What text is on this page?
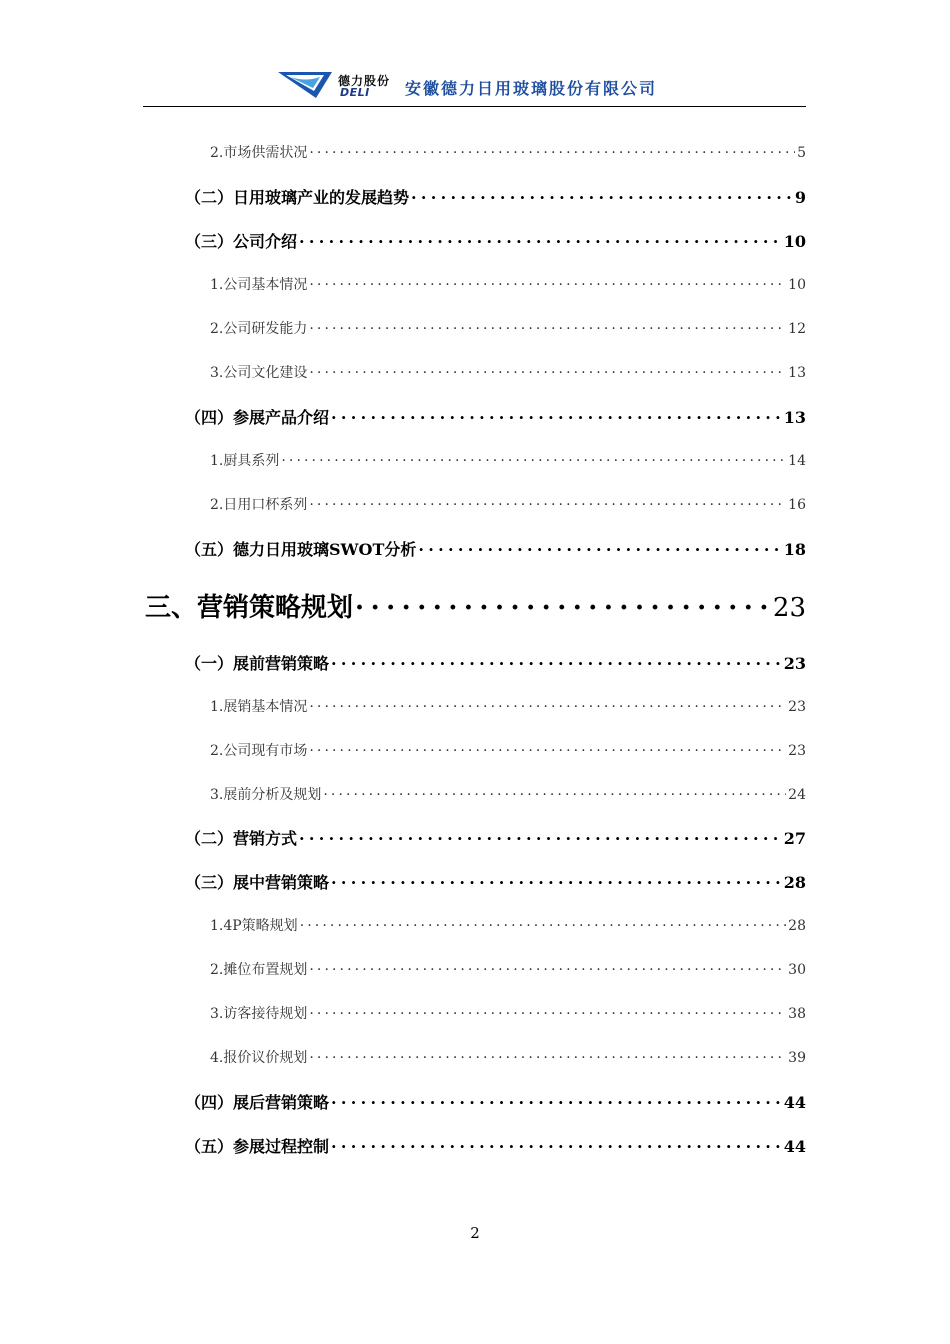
德力股份
DELI 安徽德力日用玻璃股份有限公司
2.市场供需状况 .....	5
（二）日用玻璃产业的发展趋势 .....	9
（三）公司介绍 .....	10
1.公司基本情况 .....	10
2.公司研发能力 .....	12
3.公司文化建设 .....	13
（四）参展产品介绍 .....	13
1.厨具系列 .....	14
2.日用口杯系列 .....	16
（五）德力日用玻璃SWOT分析 .....	18
三、营销策略规划 .....	23
（一）展前营销策略 .....	23
1.展销基本情况 .....	23
2.公司现有市场 .....	23
3.展前分析及规划 .....	24
（二）营销方式 .....	27
（三）展中营销策略 .....	28
1.4P策略规划 .....	28
2.摊位布置规划 .....	30
3.访客接待规划 .....	38
4.报价议价规划 .....	39
（四）展后营销策略 .....	44
（五）参展过程控制 .....	44
2
